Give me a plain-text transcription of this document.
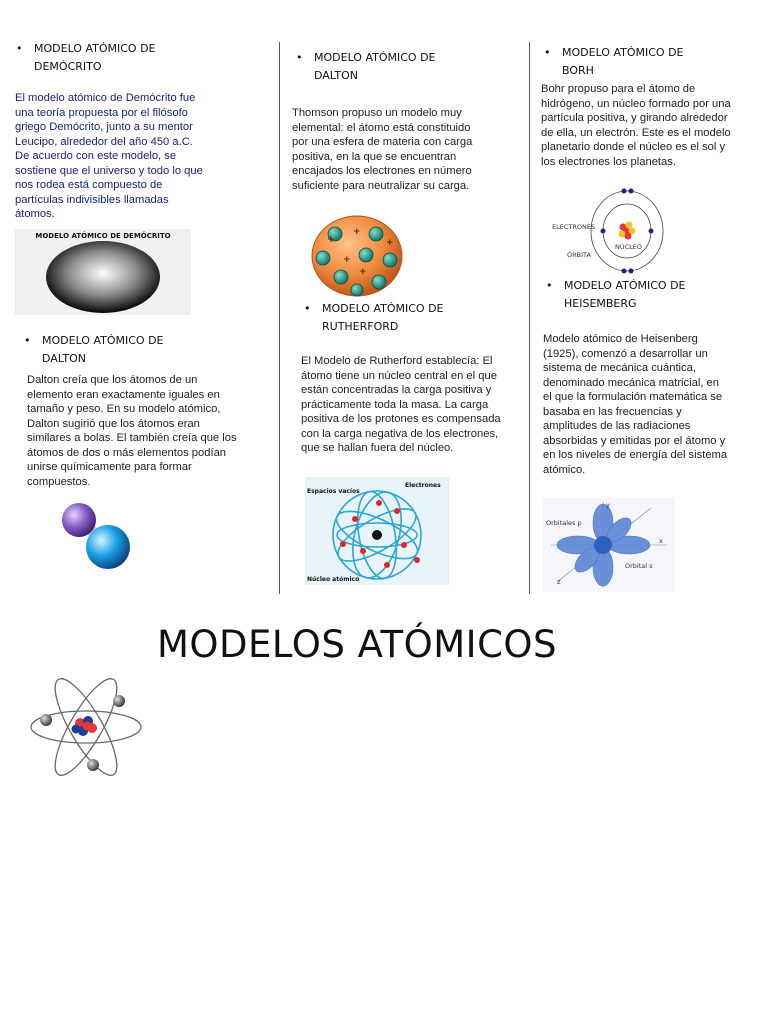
• MODELO ATÓMICO DE DEMÓCRITO
El modelo atómico de Demócrito fue una teoría propuesta por el filósofo griego Demócrito, junto a su mentor Leucipo, alrededor del año 450 a.C. De acuerdo con este modelo, se sostiene que el universo y todo lo que nos rodea está compuesto de partículas indivisibles llamadas átomos.
MODELO ATÓMICO DE DEMÓCRITO
• MODELO ATÓMICO DE DALTON
Dalton creía que los átomos de un elemento eran exactamente iguales en tamaño y peso. En su modelo atómico, Dalton sugirió que los átomos eran similares a bolas. El también creía que los átomos de dos o más elementos podían unirse químicamente para formar compuestos.
• MODELO ATÓMICO DE DALTON
Thomson propuso un modelo muy elemental: el átomo está constituido por una esfera de materia con carga positiva, en la que se encuentran encajados los electrones en número suficiente para neutralizar su carga.
+
+
+
+
+
• MODELO ATÓMICO DE RUTHERFORD
El Modelo de Rutherford establecía: El átomo tiene un núcleo central en el que están concentradas la carga positiva y prácticamente toda la masa. La carga positiva de los protones es compensada con la carga negativa de los electrones, que se hallan fuera del núcleo.
Espacios vacíos
Electrones
Núcleo atómico
• MODELO ATÓMICO DE BORH
Bohr propuso para el átomo de hidrógeno, un núcleo formado por una partícula positiva, y girando alrededor de ella, un electrón. Este es el modelo planetario donde el núcleo es el sol y los electrones los planetas.
ELECTRONES
ÓRBITA
NÚCLEO
• MODELO ATÓMICO DE HEISEMBERG
Modelo atómico de Heisenberg (1925), comenzó a desarrollar un sistema de mecánica cuántica, denominado mecánica matricial, en el que la formulación matemática se basaba en las frecuencias y amplitudes de las radiaciones absorbidas y emitidas por el átomo y en los niveles de energía del sistema atómico.
Orbitales p
Orbital s
x
y
z
MODELOS ATÓMICOS
